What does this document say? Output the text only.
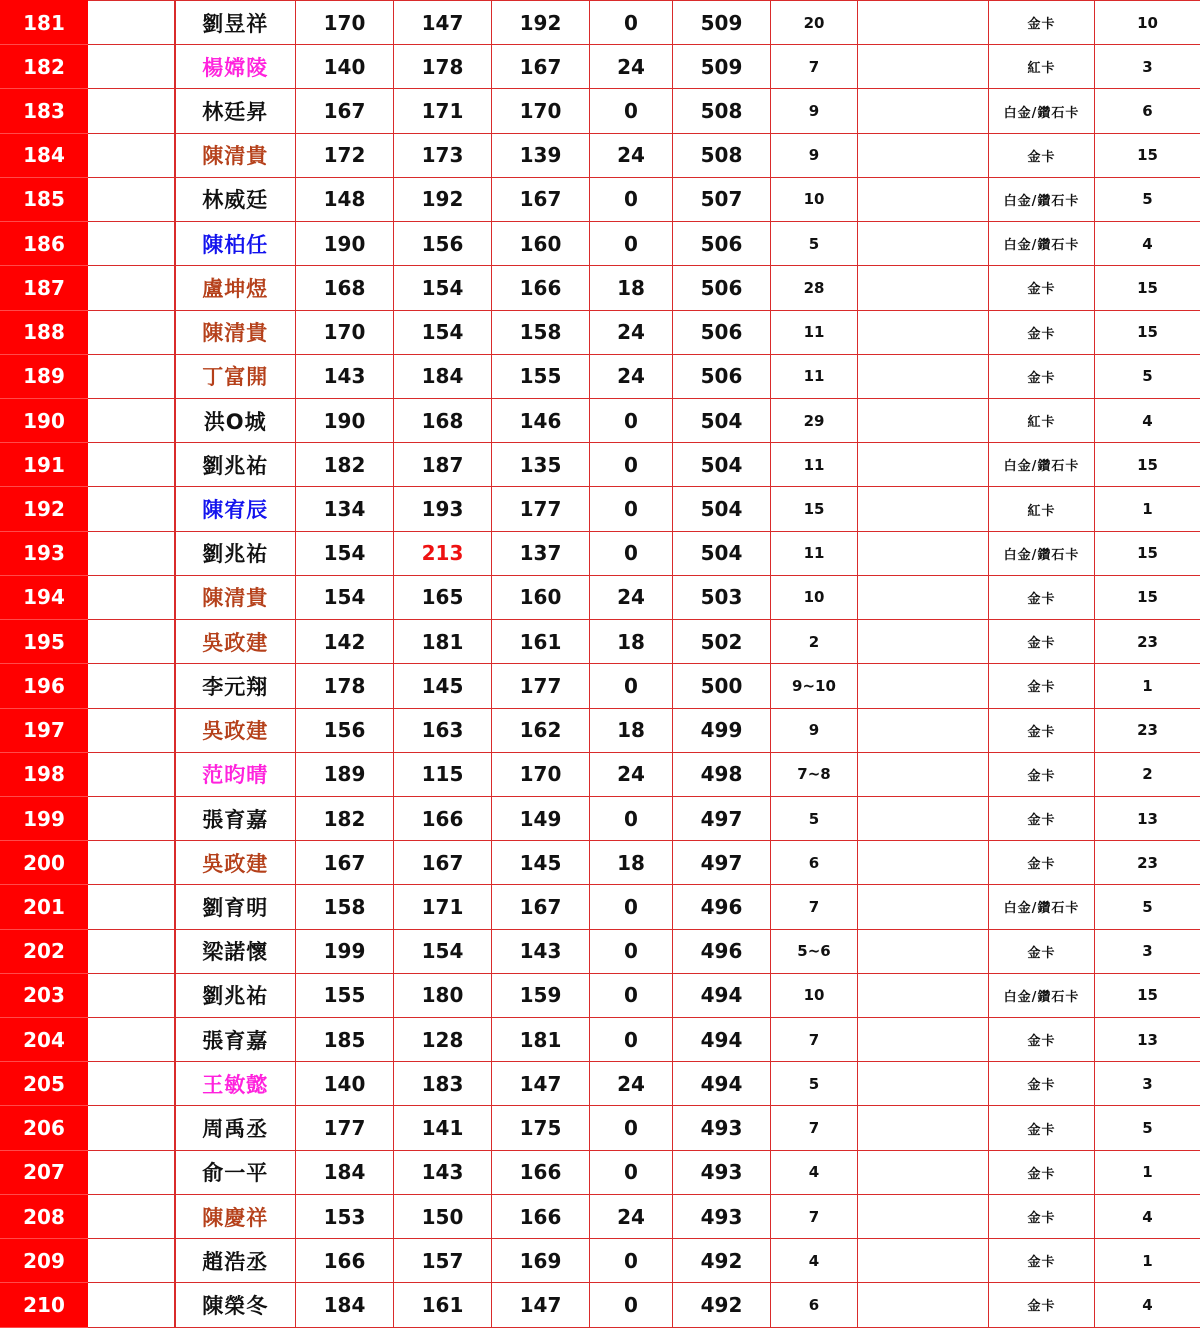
181		劉昱祥	170	147	192	0	509	20		金卡	10
182		楊嫦陵	140	178	167	24	509	7		紅卡	3
183		林廷昇	167	171	170	0	508	9		白金/鑽石卡	6
184		陳清貴	172	173	139	24	508	9		金卡	15
185		林威廷	148	192	167	0	507	10		白金/鑽石卡	5
186		陳柏任	190	156	160	0	506	5		白金/鑽石卡	4
187		盧坤煜	168	154	166	18	506	28		金卡	15
188		陳清貴	170	154	158	24	506	11		金卡	15
189		丁富開	143	184	155	24	506	11		金卡	5
190		洪O城	190	168	146	0	504	29		紅卡	4
191		劉兆祐	182	187	135	0	504	11		白金/鑽石卡	15
192		陳宥辰	134	193	177	0	504	15		紅卡	1
193		劉兆祐	154	213	137	0	504	11		白金/鑽石卡	15
194		陳清貴	154	165	160	24	503	10		金卡	15
195		吳政建	142	181	161	18	502	2		金卡	23
196		李元翔	178	145	177	0	500	9~10		金卡	1
197		吳政建	156	163	162	18	499	9		金卡	23
198		范昀晴	189	115	170	24	498	7~8		金卡	2
199		張育嘉	182	166	149	0	497	5		金卡	13
200		吳政建	167	167	145	18	497	6		金卡	23
201		劉育明	158	171	167	0	496	7		白金/鑽石卡	5
202		梁諾懷	199	154	143	0	496	5~6		金卡	3
203		劉兆祐	155	180	159	0	494	10		白金/鑽石卡	15
204		張育嘉	185	128	181	0	494	7		金卡	13
205		王敏懿	140	183	147	24	494	5		金卡	3
206		周禹丞	177	141	175	0	493	7		金卡	5
207		俞一平	184	143	166	0	493	4		金卡	1
208		陳慶祥	153	150	166	24	493	7		金卡	4
209		趙浩丞	166	157	169	0	492	4		金卡	1
210		陳榮冬	184	161	147	0	492	6		金卡	4
